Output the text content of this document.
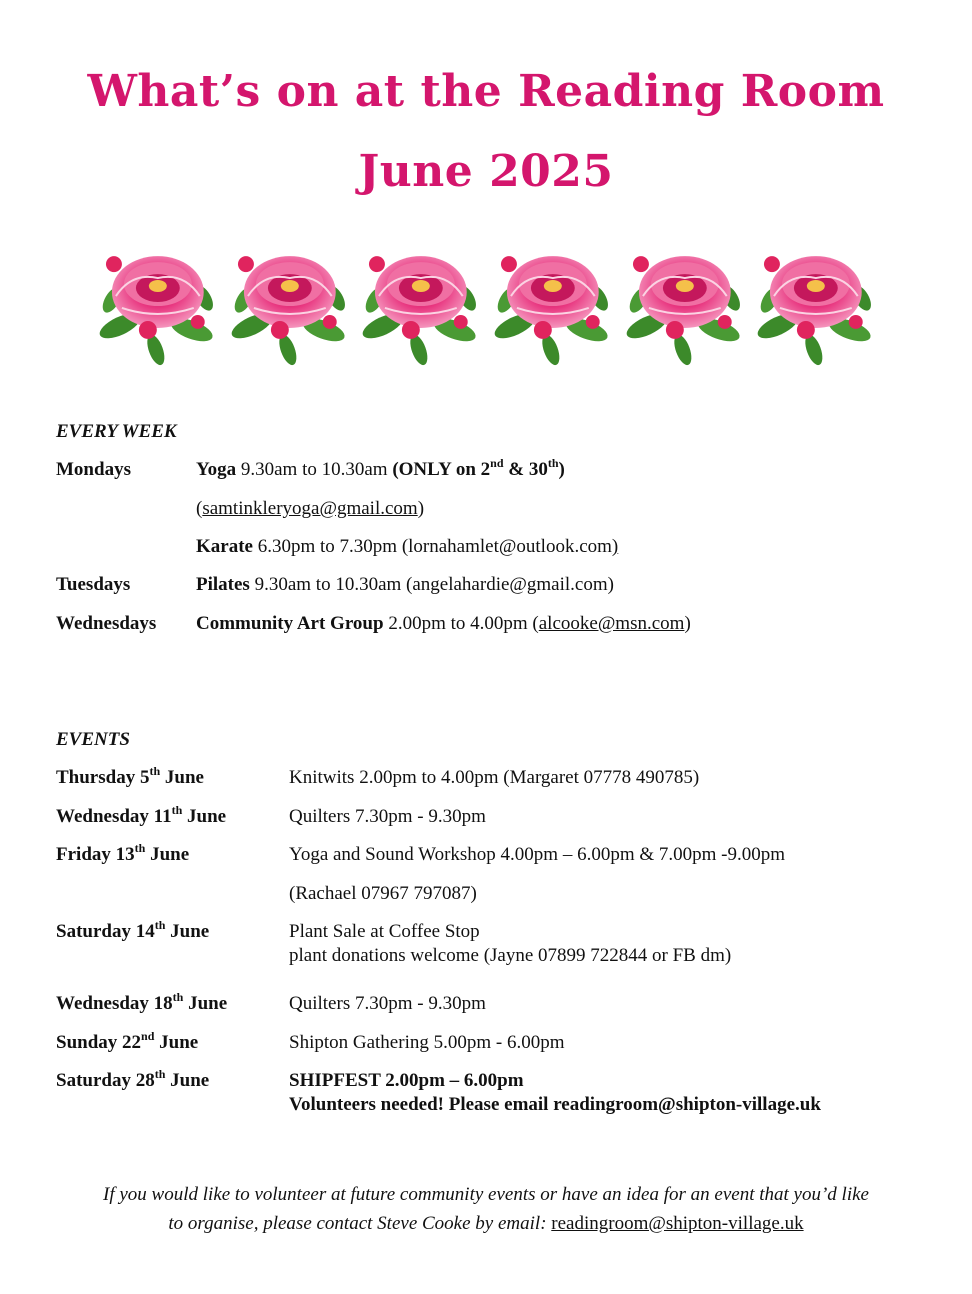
What’s on at the Reading Room
June 2025
EVERY WEEK
Mondays	Yoga 9.30am to 10.30am (ONLY on 2nd & 30th)
(samtinkleryoga@gmail.com)
Karate 6.30pm to 7.30pm (lornahamlet@outlook.com)
Tuesdays	Pilates 9.30am to 10.30am (angelahardie@gmail.com)
Wednesdays Community Art Group 2.00pm to 4.00pm (alcooke@msn.com)
EVENTS
Thursday 5th June	Knitwits 2.00pm to 4.00pm (Margaret 07778 490785)
Wednesday 11th June	Quilters 7.30pm - 9.30pm
Friday 13th June	Yoga and Sound Workshop 4.00pm – 6.00pm & 7.00pm -9.00pm
(Rachael 07967 797087)
Saturday 14th June	Plant Sale at Coffee Stop
plant donations welcome (Jayne 07899 722844 or FB dm)
Wednesday 18th June	Quilters 7.30pm - 9.30pm
Sunday 22nd June	Shipton Gathering 5.00pm - 6.00pm
Saturday 28th June	SHIPFEST 2.00pm – 6.00pm
Volunteers needed! Please email readingroom@shipton-village.uk
If you would like to volunteer at future community events or have an idea for an event that you’d like
to organise, please contact Steve Cooke by email: readingroom@shipton-village.uk
